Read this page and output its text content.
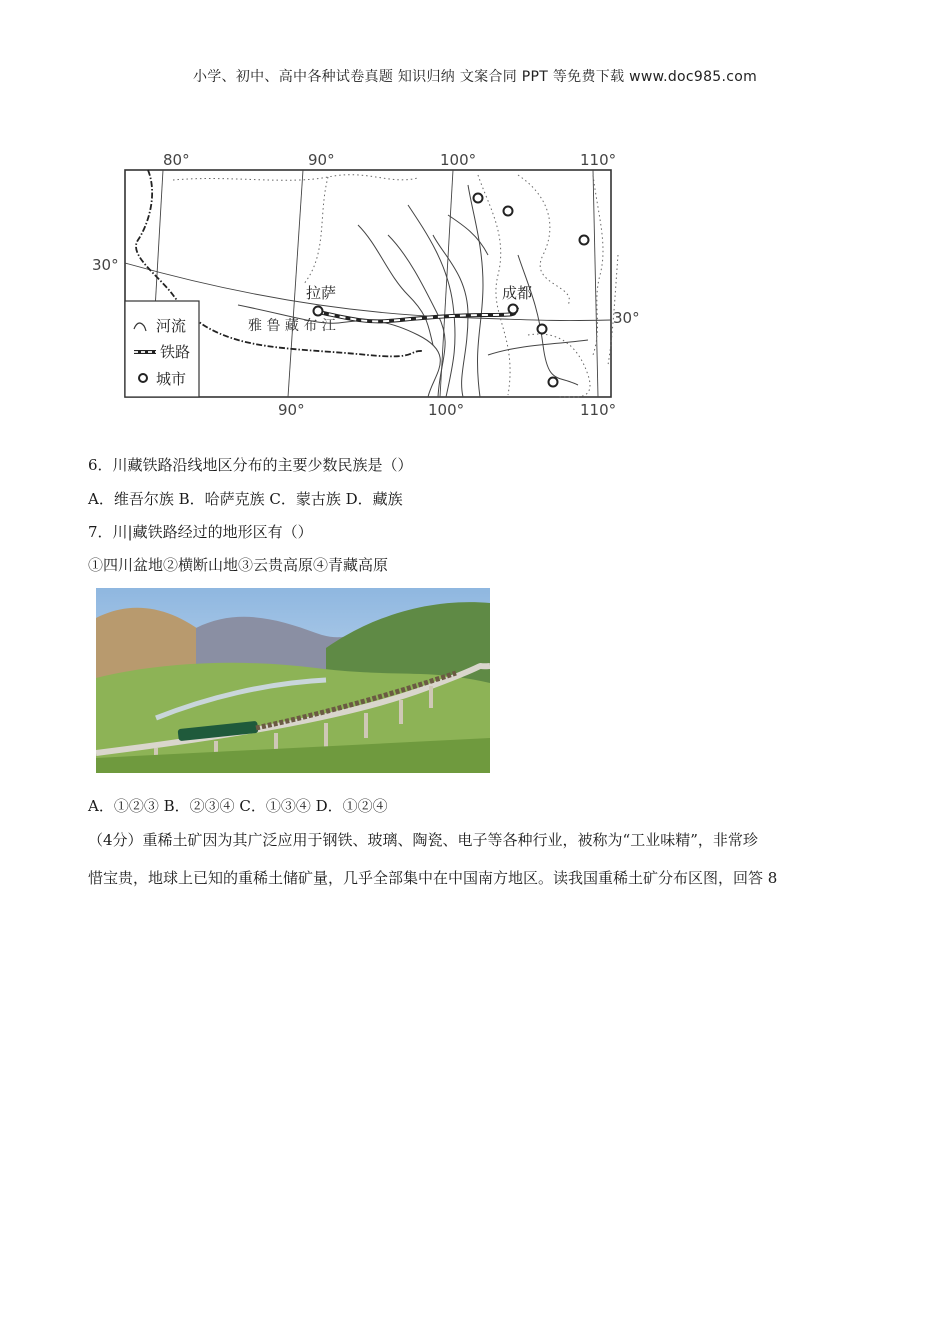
小学、初中、高中各种试卷真题 知识归纳 文案合同 PPT 等免费下载 www.doc985.com
80°	90°	100°	110°
90°	100°	110°
30°
30°
拉萨	成都
雅 鲁 藏 布 江
河流
铁路
城市
6．川藏铁路沿线地区分布的主要少数民族是（）
A．维吾尔族 B．哈萨克族 C．蒙古族 D．藏族
7．川|藏铁路经过的地形区有（）
①四川盆地②横断山地③云贵高原④青藏高原
A．①②③ B．②③④ C．①③④ D．①②④
（4分）重稀土矿因为其广泛应用于钢铁、玻璃、陶瓷、电子等各种行业，被称为“工业味精”，非常珍
惜宝贵，地球上已知的重稀土储矿量，几乎全部集中在中国南方地区。读我国重稀土矿分布区图，回答 8
